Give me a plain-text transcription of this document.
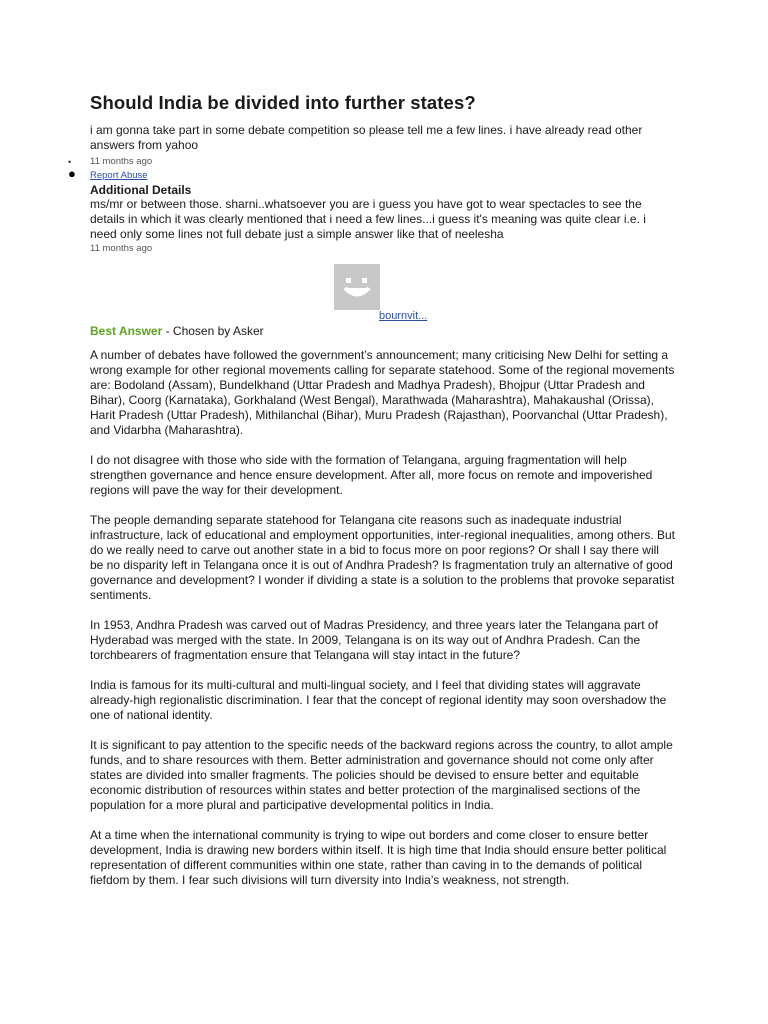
Should India be divided into further states?

i am gonna take part in some debate competition so please tell me a few lines. i have already read other answers from yahoo

• 11 months ago
● Report Abuse
Additional Details

ms/mr or between those. sharni..whatsoever you are i guess you have got to wear spectacles to see the details in which it was clearly mentioned that i need a few lines...i guess it's meaning was quite clear i.e. i need only some lines not full debate just a simple answer like that of neelesha

11 months ago

bournvit...
Best Answer - Chosen by Asker

A number of debates have followed the government’s announcement; many criticising New Delhi for setting a wrong example for other regional movements calling for separate statehood. Some of the regional movements are: Bodoland (Assam), Bundelkhand (Uttar Pradesh and Madhya Pradesh), Bhojpur (Uttar Pradesh and Bihar), Coorg (Karnataka), Gorkhaland (West Bengal), Marathwada (Maharashtra), Mahakaushal (Orissa), Harit Pradesh (Uttar Pradesh), Mithilanchal (Bihar), Muru Pradesh (Rajasthan), Poorvanchal (Uttar Pradesh), and Vidarbha (Maharashtra).

I do not disagree with those who side with the formation of Telangana, arguing fragmentation will help strengthen governance and hence ensure development. After all, more focus on remote and impoverished regions will pave the way for their development.

The people demanding separate statehood for Telangana cite reasons such as inadequate industrial infrastructure, lack of educational and employment opportunities, inter-regional inequalities, among others. But do we really need to carve out another state in a bid to focus more on poor regions? Or shall I say there will be no disparity left in Telangana once it is out of Andhra Pradesh? Is fragmentation truly an alternative of good governance and development? I wonder if dividing a state is a solution to the problems that provoke separatist sentiments.

In 1953, Andhra Pradesh was carved out of Madras Presidency, and three years later the Telangana part of Hyderabad was merged with the state. In 2009, Telangana is on its way out of Andhra Pradesh. Can the torchbearers of fragmentation ensure that Telangana will stay intact in the future?

India is famous for its multi-cultural and multi-lingual society, and I feel that dividing states will aggravate already-high regionalistic discrimination. I fear that the concept of regional identity may soon overshadow the one of national identity.

It is significant to pay attention to the specific needs of the backward regions across the country, to allot ample funds, and to share resources with them. Better administration and governance should not come only after states are divided into smaller fragments. The policies should be devised to ensure better and equitable economic distribution of resources within states and better protection of the marginalised sections of the population for a more plural and participative developmental politics in India.

At a time when the international community is trying to wipe out borders and come closer to ensure better development, India is drawing new borders within itself. It is high time that India should ensure better political representation of different communities within one state, rather than caving in to the demands of political fiefdom by them. I fear such divisions will turn diversity into India’s weakness, not strength.
